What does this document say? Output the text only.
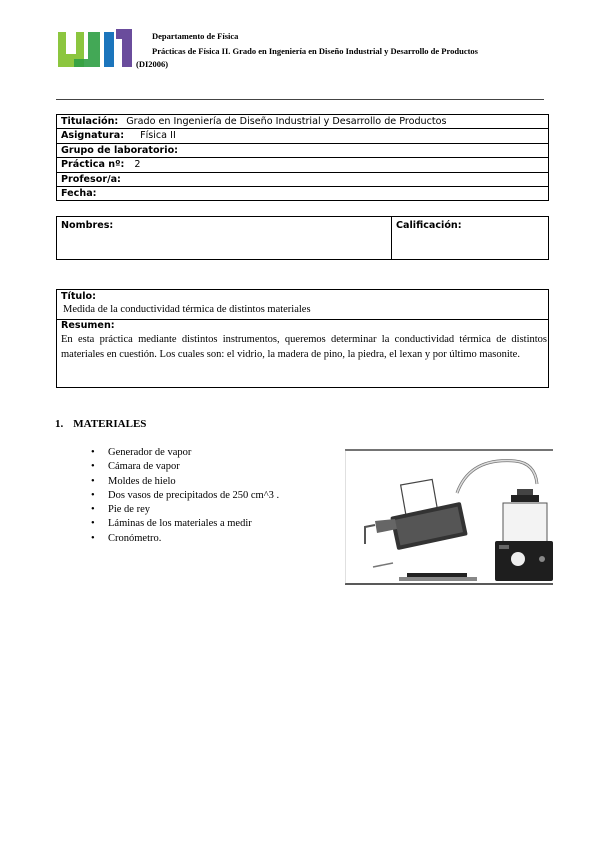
Departamento de Física
Prácticas de Física II. Grado en Ingeniería en Diseño Industrial y Desarrollo de Productos
(DI2006)
Titulación: Grado en Ingeniería de Diseño Industrial y Desarrollo de Productos
Asignatura: Física II
Grupo de laboratorio:
Práctica nº: 2
Profesor/a:
Fecha:
Nombres:	Calificación:
Título:
Medida de la conductividad térmica de distintos materiales
Resumen:
En esta práctica mediante distintos instrumentos, queremos determinar la conductividad térmica de distintos materiales en cuestión. Los cuales son: el vidrio, la madera de pino, la piedra, el lexan y por último masonite.
1. MATERIALES
• Generador de vapor
• Cámara de vapor
• Moldes de hielo
• Dos vasos de precipitados de 250 cm^3 .
• Pie de rey
• Láminas de los materiales a medir
• Cronómetro.
